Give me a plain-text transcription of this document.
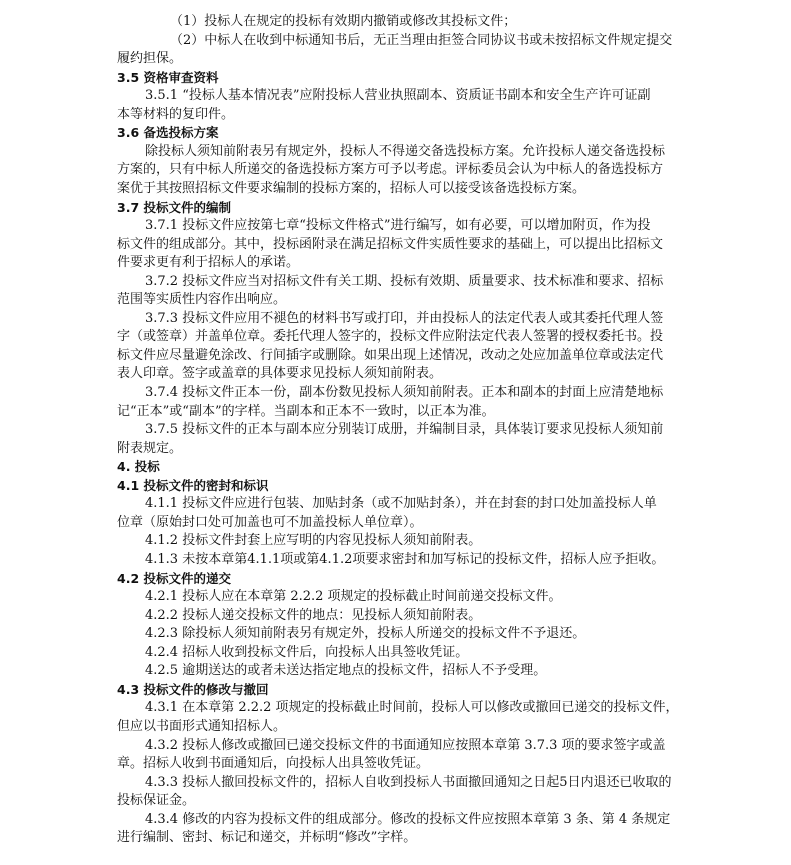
（1）投标人在规定的投标有效期内撤销或修改其投标文件；
（2）中标人在收到中标通知书后，无正当理由拒签合同协议书或未按招标文件规定提交
履约担保。
3.5 资格审查资料
3.5.1 “投标人基本情况表”应附投标人营业执照副本、资质证书副本和安全生产许可证副
本等材料的复印件。
3.6 备选投标方案
除投标人须知前附表另有规定外，投标人不得递交备选投标方案。允许投标人递交备选投标
方案的，只有中标人所递交的备选投标方案方可予以考虑。评标委员会认为中标人的备选投标方
案优于其按照招标文件要求编制的投标方案的，招标人可以接受该备选投标方案。
3.7 投标文件的编制
3.7.1 投标文件应按第七章“投标文件格式”进行编写，如有必要，可以增加附页，作为投
标文件的组成部分。其中，投标函附录在满足招标文件实质性要求的基础上，可以提出比招标文
件要求更有利于招标人的承诺。
3.7.2 投标文件应当对招标文件有关工期、投标有效期、质量要求、技术标准和要求、招标
范围等实质性内容作出响应。
3.7.3 投标文件应用不褪色的材料书写或打印，并由投标人的法定代表人或其委托代理人签
字（或签章）并盖单位章。委托代理人签字的，投标文件应附法定代表人签署的授权委托书。投
标文件应尽量避免涂改、行间插字或删除。如果出现上述情况，改动之处应加盖单位章或法定代
表人印章。签字或盖章的具体要求见投标人须知前附表。
3.7.4 投标文件正本一份，副本份数见投标人须知前附表。正本和副本的封面上应清楚地标
记“正本”或“副本”的字样。当副本和正本不一致时，以正本为准。
3.7.5 投标文件的正本与副本应分别装订成册，并编制目录，具体装订要求见投标人须知前
附表规定。
4. 投标
4.1 投标文件的密封和标识
4.1.1 投标文件应进行包装、加贴封条（或不加贴封条），并在封套的封口处加盖投标人单
位章（原始封口处可加盖也可不加盖投标人单位章）。
4.1.2 投标文件封套上应写明的内容见投标人须知前附表。
4.1.3 未按本章第4.1.1项或第4.1.2项要求密封和加写标记的投标文件，招标人应予拒收。
4.2 投标文件的递交
4.2.1 投标人应在本章第 2.2.2 项规定的投标截止时间前递交投标文件。
4.2.2 投标人递交投标文件的地点：见投标人须知前附表。
4.2.3 除投标人须知前附表另有规定外，投标人所递交的投标文件不予退还。
4.2.4 招标人收到投标文件后，向投标人出具签收凭证。
4.2.5 逾期送达的或者未送达指定地点的投标文件，招标人不予受理。
4.3 投标文件的修改与撤回
4.3.1 在本章第 2.2.2 项规定的投标截止时间前，投标人可以修改或撤回已递交的投标文件，
但应以书面形式通知招标人。
4.3.2 投标人修改或撤回已递交投标文件的书面通知应按照本章第 3.7.3 项的要求签字或盖
章。招标人收到书面通知后，向投标人出具签收凭证。
4.3.3 投标人撤回投标文件的，招标人自收到投标人书面撤回通知之日起5日内退还已收取的
投标保证金。
4.3.4 修改的内容为投标文件的组成部分。修改的投标文件应按照本章第 3 条、第 4 条规定
进行编制、密封、标记和递交，并标明“修改”字样。
